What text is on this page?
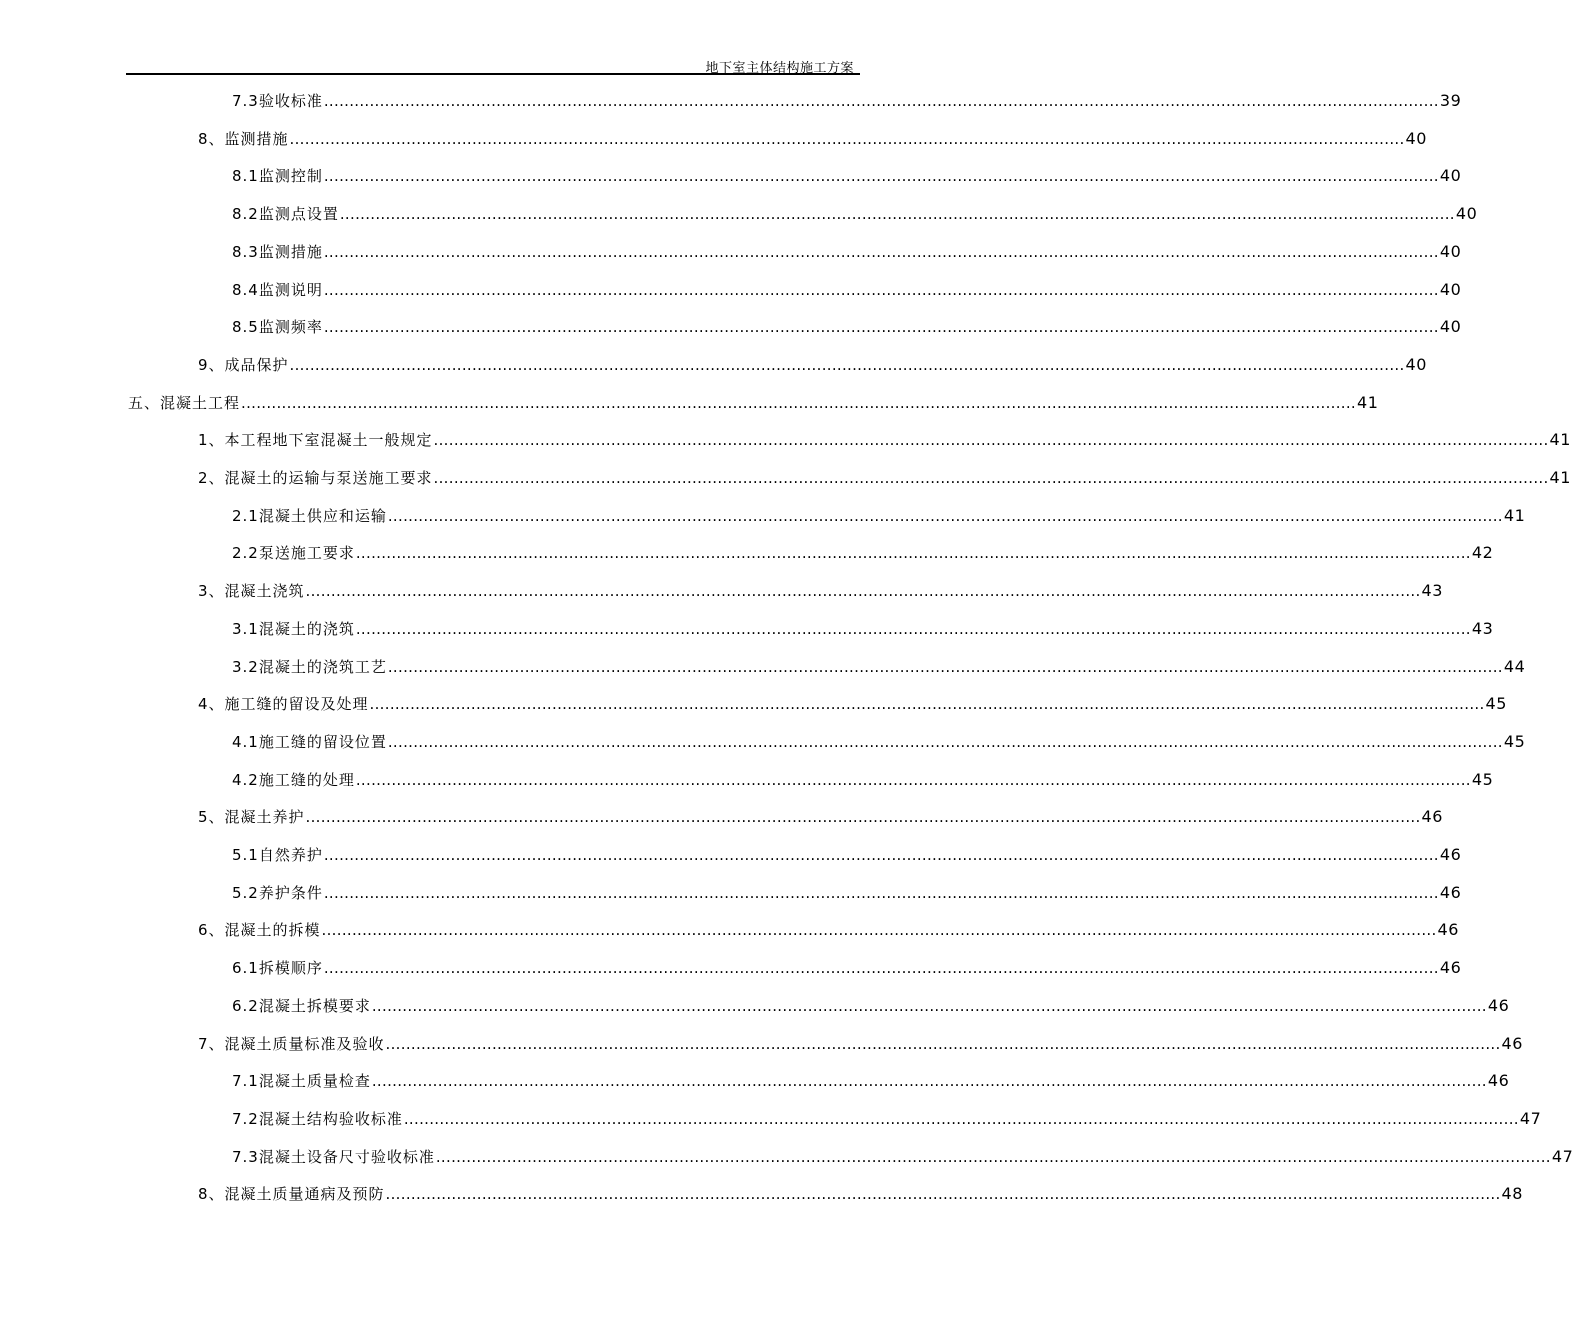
地下室主体结构施工方案
7.3验收标准 ............................................................................................................................................................................................................................ 39
8、监测措施 ............................................................................................................................................................................................................................ 40
8.1监测控制 ............................................................................................................................................................................................................................ 40
8.2监测点设置 ............................................................................................................................................................................................................................ 40
8.3监测措施 ............................................................................................................................................................................................................................ 40
8.4监测说明 ............................................................................................................................................................................................................................ 40
8.5监测频率 ............................................................................................................................................................................................................................ 40
9、成品保护 ............................................................................................................................................................................................................................ 40
五、混凝土工程 ............................................................................................................................................................................................................................ 41
1、本工程地下室混凝土一般规定 ............................................................................................................................................................................................................................ 41
2、混凝土的运输与泵送施工要求 ............................................................................................................................................................................................................................ 41
2.1混凝土供应和运输 ............................................................................................................................................................................................................................ 41
2.2泵送施工要求 ............................................................................................................................................................................................................................ 42
3、混凝土浇筑 ............................................................................................................................................................................................................................ 43
3.1混凝土的浇筑 ............................................................................................................................................................................................................................ 43
3.2混凝土的浇筑工艺 ............................................................................................................................................................................................................................ 44
4、施工缝的留设及处理 ............................................................................................................................................................................................................................ 45
4.1施工缝的留设位置 ............................................................................................................................................................................................................................ 45
4.2施工缝的处理 ............................................................................................................................................................................................................................ 45
5、混凝土养护 ............................................................................................................................................................................................................................ 46
5.1自然养护 ............................................................................................................................................................................................................................ 46
5.2养护条件 ............................................................................................................................................................................................................................ 46
6、混凝土的拆模 ............................................................................................................................................................................................................................ 46
6.1拆模顺序 ............................................................................................................................................................................................................................ 46
6.2混凝土拆模要求 ............................................................................................................................................................................................................................ 46
7、混凝土质量标准及验收 ............................................................................................................................................................................................................................ 46
7.1混凝土质量检查 ............................................................................................................................................................................................................................ 46
7.2混凝土结构验收标准 ............................................................................................................................................................................................................................ 47
7.3混凝土设备尺寸验收标准 ............................................................................................................................................................................................................................ 47
8、混凝土质量通病及预防 ............................................................................................................................................................................................................................ 48
